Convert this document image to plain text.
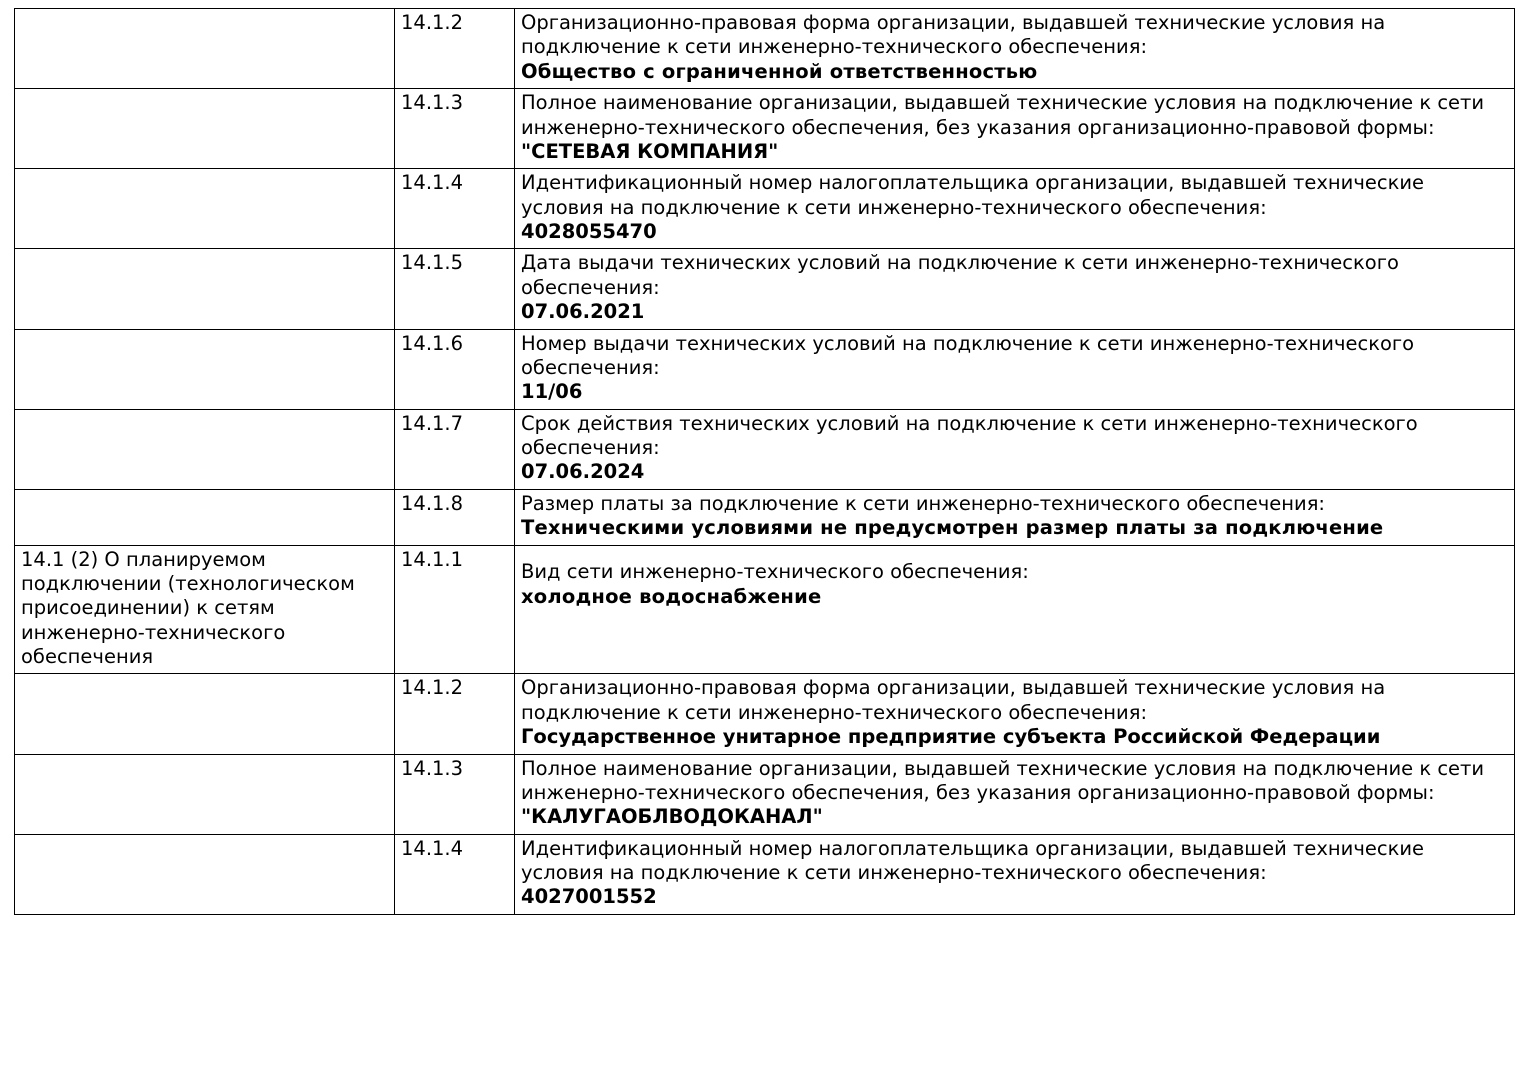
	14.1.2	Организационно-правовая форма организации, выдавшей технические условия на подключение к сети инженерно-технического обеспечения:
Общество с ограниченной ответственностью

	14.1.3	Полное наименование организации, выдавшей технические условия на подключение к сети инженерно-технического обеспечения, без указания организационно-правовой формы:
"СЕТЕВАЯ КОМПАНИЯ"

	14.1.4	Идентификационный номер налогоплательщика организации, выдавшей технические условия на подключение к сети инженерно-технического обеспечения:
4028055470

	14.1.5	Дата выдачи технических условий на подключение к сети инженерно-технического обеспечения:
07.06.2021

	14.1.6	Номер выдачи технических условий на подключение к сети инженерно-технического обеспечения:
11/06

	14.1.7	Срок действия технических условий на подключение к сети инженерно-технического обеспечения:
07.06.2024

	14.1.8	Размер платы за подключение к сети инженерно-технического обеспечения:
Техническими условиями не предусмотрен размер платы за подключение

14.1 (2) О планируемом подключении (технологическом присоединении) к сетям инженерно-технического обеспечения	14.1.1	Вид сети инженерно-технического обеспечения:
холодное водоснабжение

	14.1.2	Организационно-правовая форма организации, выдавшей технические условия на подключение к сети инженерно-технического обеспечения:
Государственное унитарное предприятие субъекта Российской Федерации

	14.1.3	Полное наименование организации, выдавшей технические условия на подключение к сети инженерно-технического обеспечения, без указания организационно-правовой формы:
"КАЛУГАОБЛВОДОКАНАЛ"

	14.1.4	Идентификационный номер налогоплательщика организации, выдавшей технические условия на подключение к сети инженерно-технического обеспечения:
4027001552
